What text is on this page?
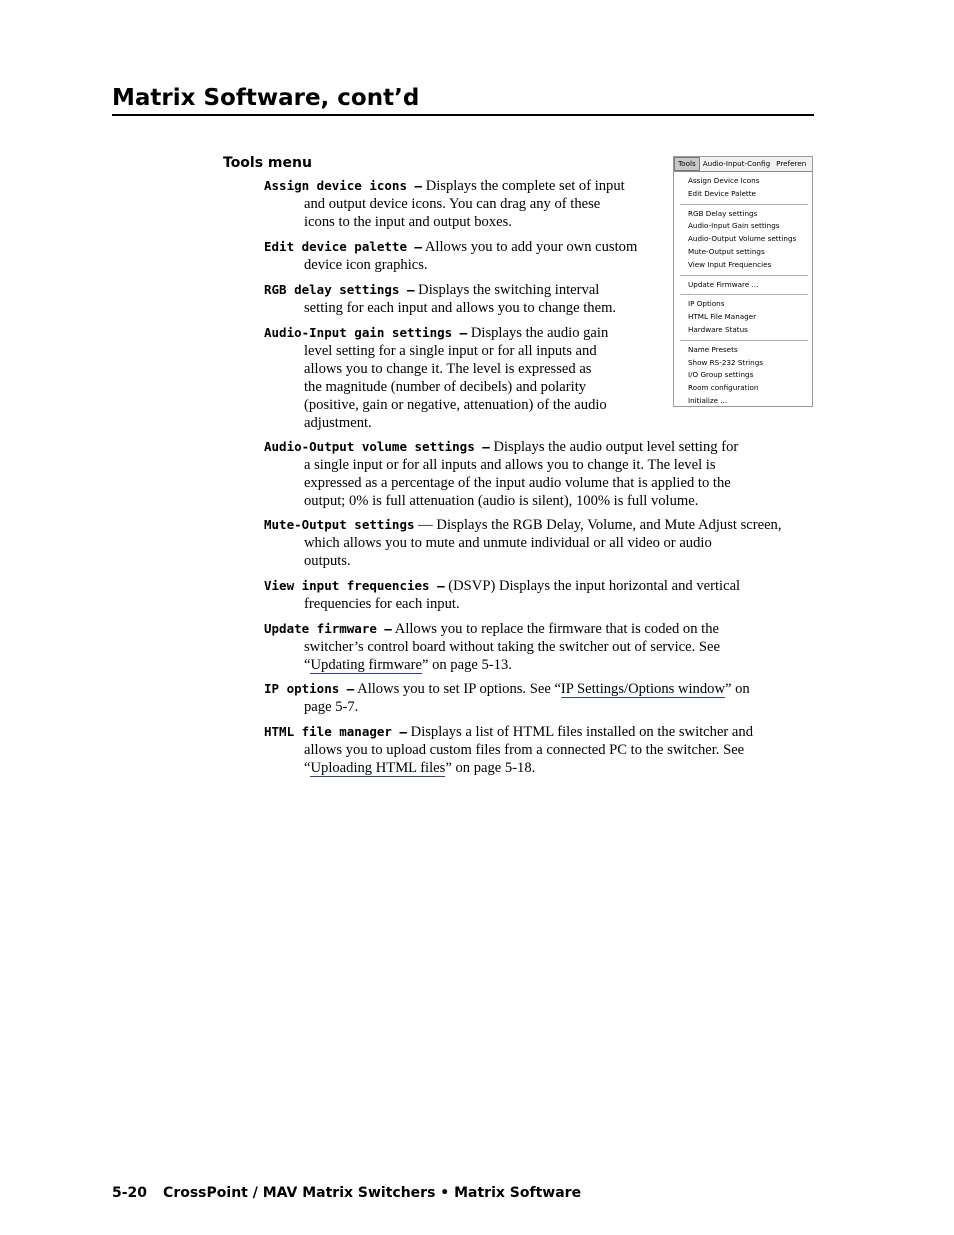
Matrix Software, cont’d
Tools menu	Tools Audio-Input-Config Preferen
Assign Device Icons
Edit Device Palette
RGB Delay settings
Audio-Input Gain settings
Audio-Output Volume settings
Mute-Output settings
View Input Frequencies
Update Firmware ...
IP Options
HTML File Manager
Hardware Status
Name Presets
Show RS-232 Strings
I/O Group settings
Room configuration
Initialize ...
Assign device icons — Displays the complete set of input
and output device icons. You can drag any of these
icons to the input and output boxes.
Edit device palette — Allows you to add your own custom
device icon graphics.
RGB delay settings — Displays the switching interval
setting for each input and allows you to change them.
Audio-Input gain settings — Displays the audio gain
level setting for a single input or for all inputs and
allows you to change it. The level is expressed as
the magnitude (number of decibels) and polarity
(positive, gain or negative, attenuation) of the audio
adjustment.
Audio-Output volume settings — Displays the audio output level setting for
a single input or for all inputs and allows you to change it. The level is
expressed as a percentage of the input audio volume that is applied to the
output; 0% is full attenuation (audio is silent), 100% is full volume.
Mute-Output settings — Displays the RGB Delay, Volume, and Mute Adjust screen,
which allows you to mute and unmute individual or all video or audio
outputs.
View input frequencies — (DSVP) Displays the input horizontal and vertical
frequencies for each input.
Update firmware — Allows you to replace the firmware that is coded on the
switcher’s control board without taking the switcher out of service. See
“Updating firmware” on page 5-13.
IP options — Allows you to set IP options. See “IP Settings/Options window” on
page 5-7.
HTML file manager — Displays a list of HTML files installed on the switcher and
allows you to upload custom files from a connected PC to the switcher. See
“Uploading HTML files” on page 5-18.
5-20 CrossPoint / MAV Matrix Switchers • Matrix Software
